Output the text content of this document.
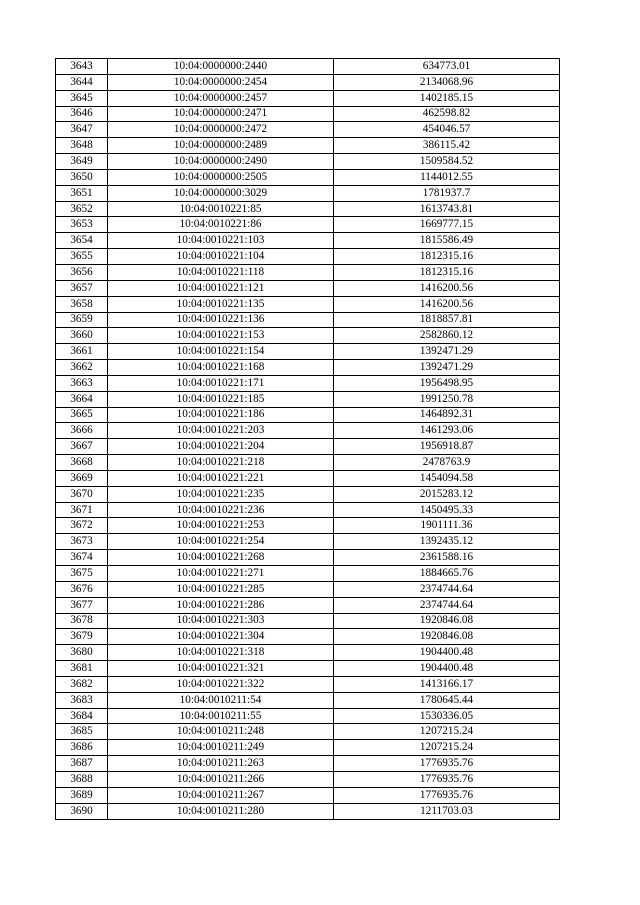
3643	10:04:0000000:2440	634773.01
3644	10:04:0000000:2454	2134068.96
3645	10:04:0000000:2457	1402185.15
3646	10:04:0000000:2471	462598.82
3647	10:04:0000000:2472	454046.57
3648	10:04:0000000:2489	386115.42
3649	10:04:0000000:2490	1509584.52
3650	10:04:0000000:2505	1144012.55
3651	10:04:0000000:3029	1781937.7
3652	10:04:0010221:85	1613743.81
3653	10:04:0010221:86	1669777.15
3654	10:04:0010221:103	1815586.49
3655	10:04:0010221:104	1812315.16
3656	10:04:0010221:118	1812315.16
3657	10:04:0010221:121	1416200.56
3658	10:04:0010221:135	1416200.56
3659	10:04:0010221:136	1818857.81
3660	10:04:0010221:153	2582860.12
3661	10:04:0010221:154	1392471.29
3662	10:04:0010221:168	1392471.29
3663	10:04:0010221:171	1956498.95
3664	10:04:0010221:185	1991250.78
3665	10:04:0010221:186	1464892.31
3666	10:04:0010221:203	1461293.06
3667	10:04:0010221:204	1956918.87
3668	10:04:0010221:218	2478763.9
3669	10:04:0010221:221	1454094.58
3670	10:04:0010221:235	2015283.12
3671	10:04:0010221:236	1450495.33
3672	10:04:0010221:253	1901111.36
3673	10:04:0010221:254	1392435.12
3674	10:04:0010221:268	2361588.16
3675	10:04:0010221:271	1884665.76
3676	10:04:0010221:285	2374744.64
3677	10:04:0010221:286	2374744.64
3678	10:04:0010221:303	1920846.08
3679	10:04:0010221:304	1920846.08
3680	10:04:0010221:318	1904400.48
3681	10:04:0010221:321	1904400.48
3682	10:04:0010221:322	1413166.17
3683	10:04:0010211:54	1780645.44
3684	10:04:0010211:55	1530336.05
3685	10:04:0010211:248	1207215.24
3686	10:04:0010211:249	1207215.24
3687	10:04:0010211:263	1776935.76
3688	10:04:0010211:266	1776935.76
3689	10:04:0010211:267	1776935.76
3690	10:04:0010211:280	1211703.03
